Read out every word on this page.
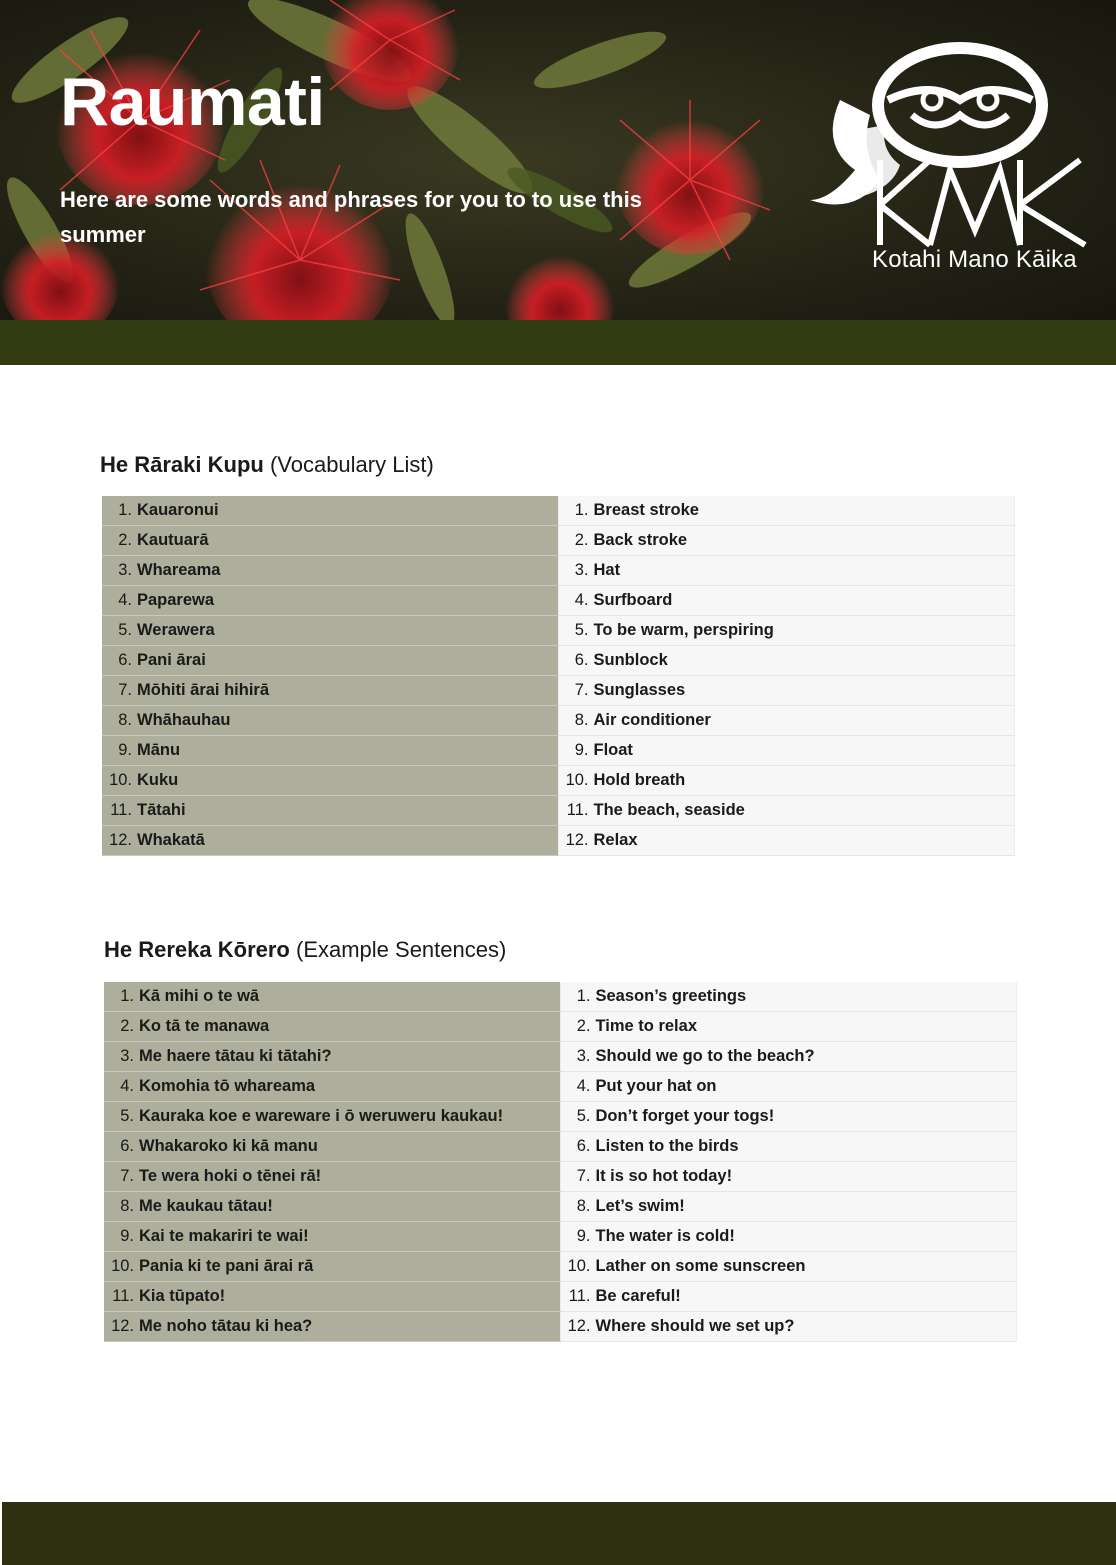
Raumati

Here are some words and phrases for you to to use this summer

Kotahi Mano Kāika
He Rāraki Kupu (Vocabulary List)
1. Kauaronui	1. Breast stroke
2. Kautuarā	2. Back stroke
3. Whareama	3. Hat
4. Paparewa	4. Surfboard
5. Werawera	5. To be warm, perspiring
6. Pani ārai	6. Sunblock
7. Mōhiti ārai hihirā	7. Sunglasses
8. Whāhauhau	8. Air conditioner
9. Mānu	9. Float
10. Kuku	10. Hold breath
11. Tātahi	11. The beach, seaside
12. Whakatā	12. Relax
He Rereka Kōrero (Example Sentences)
1. Kā mihi o te wā	1. Season’s greetings
2. Ko tā te manawa	2. Time to relax
3. Me haere tātau ki tātahi?	3. Should we go to the beach?
4. Komohia tō whareama	4. Put your hat on
5. Kauraka koe e wareware i ō weruweru kaukau!	5. Don’t forget your togs!
6. Whakaroko ki kā manu	6. Listen to the birds
7. Te wera hoki o tēnei rā!	7. It is so hot today!
8. Me kaukau tātau!	8. Let’s swim!
9. Kai te makariri te wai!	9. The water is cold!
10. Pania ki te pani ārai rā	10. Lather on some sunscreen
11. Kia tūpato!	11. Be careful!
12. Me noho tātau ki hea?	12. Where should we set up?
